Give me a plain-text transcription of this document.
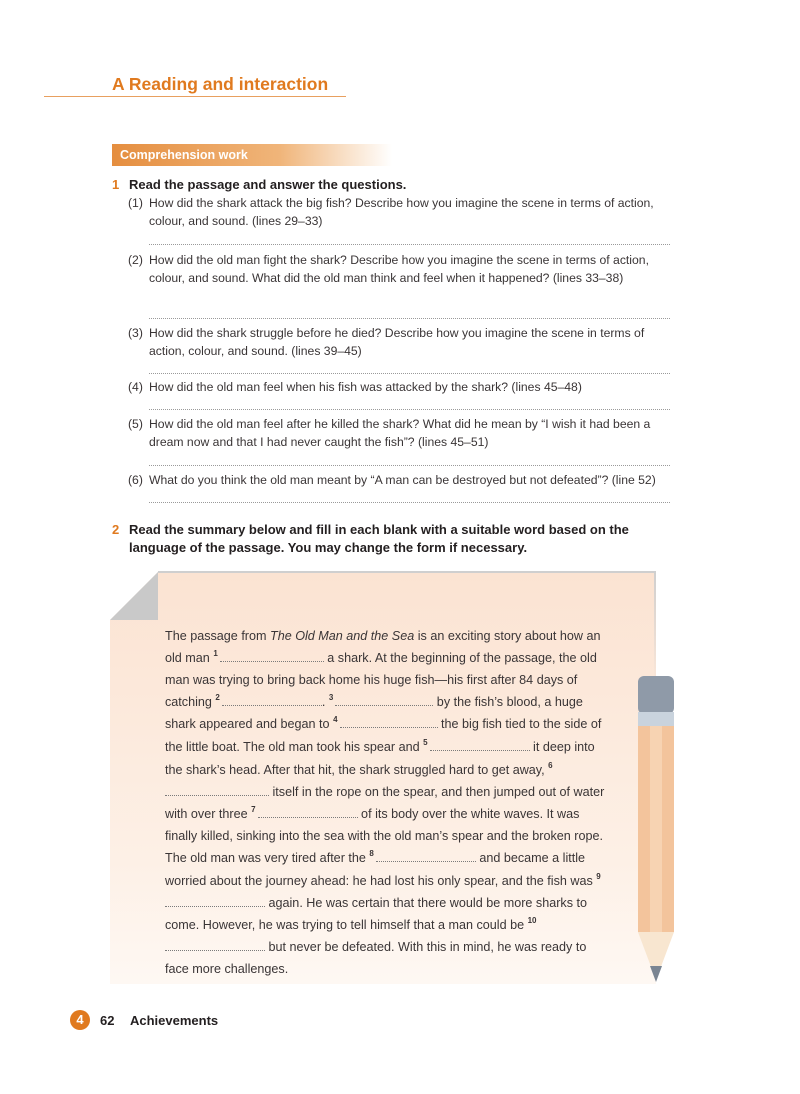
A Reading and interaction
Comprehension work
1 Read the passage and answer the questions.
(1) How did the shark attack the big fish? Describe how you imagine the scene in terms of action, colour, and sound. (lines 29–33)
(2) How did the old man fight the shark? Describe how you imagine the scene in terms of action, colour, and sound. What did the old man think and feel when it happened? (lines 33–38)
(3) How did the shark struggle before he died? Describe how you imagine the scene in terms of action, colour, and sound. (lines 39–45)
(4) How did the old man feel when his fish was attacked by the shark? (lines 45–48)
(5) How did the old man feel after he killed the shark? What did he mean by “I wish it had been a dream now and that I had never caught the fish”? (lines 45–51)
(6) What do you think the old man meant by “A man can be destroyed but not defeated”? (line 52)
2 Read the summary below and fill in each blank with a suitable word based on the language of the passage. You may change the form if necessary.
The passage from The Old Man and the Sea is an exciting story about how an old man $^1$	a shark. At the beginning of the passage, the old man was trying to bring back home his huge fish—his first after 84 days of catching $^2$	. $^3$	by the fish’s blood, a huge shark appeared and began to $^4$	the big fish tied to the side of the little boat. The old man took his spear and $^5$	it deep into the shark’s head. After that hit, the shark struggled hard to get away, $^6$ itself in the rope on the spear, and then jumped out of water with over three $^7$	of its body over the white waves. It was finally killed, sinking into the sea with the old man’s spear and the broken rope. The old man was very tired after the $^8$	and became a little worried about the journey ahead: he had lost his only spear, and the fish was $^9$ again. He was certain that there would be more sharks to come. However, he was trying to tell himself that a man could be $^{10}$ but never be defeated. With this in mind, he was ready to face more challenges.
4	62 Achievements
